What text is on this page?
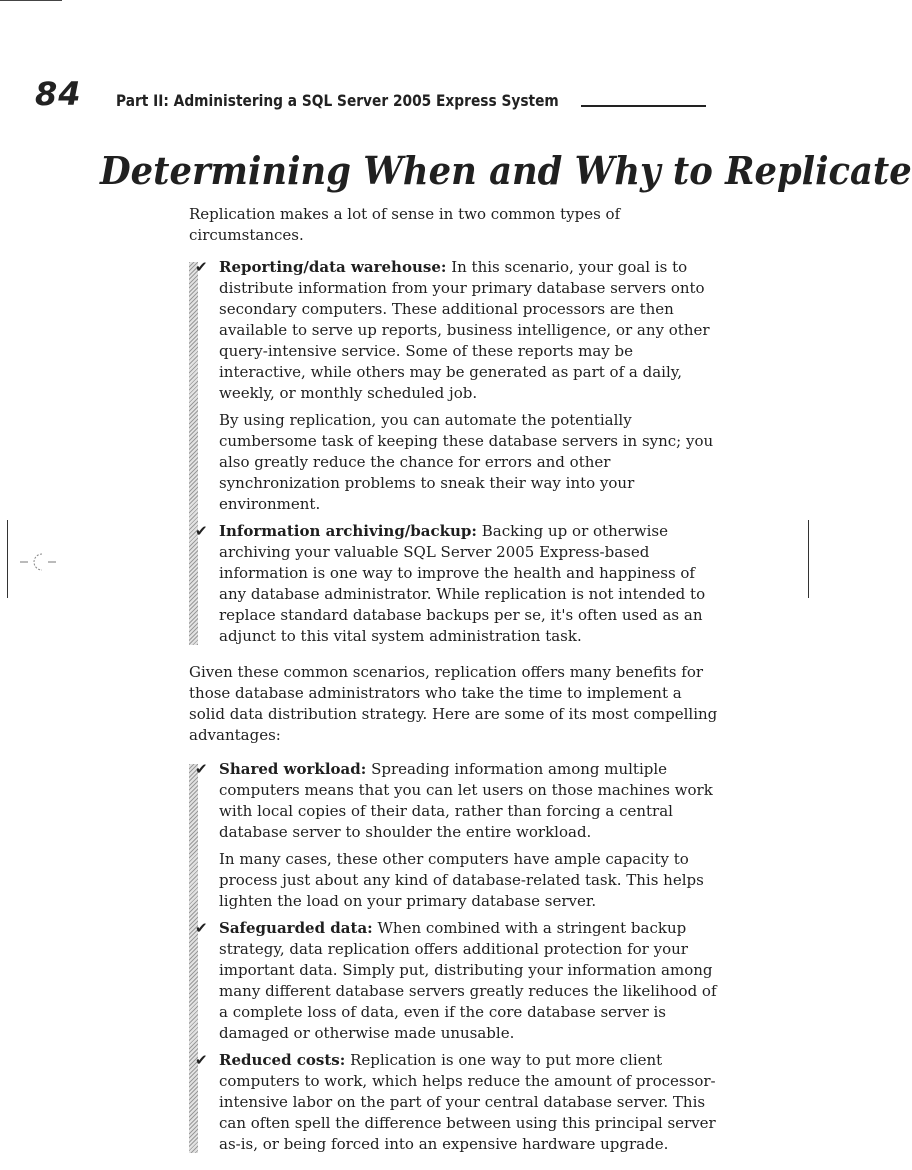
84 Part II: Administering a SQL Server 2005 Express System
Determining When and Why to Replicate

Replication makes a lot of sense in two common types of circumstances.

✔ Reporting/data warehouse: In this scenario, your goal is to distribute information from your primary database servers onto secondary computers. These additional processors are then available to serve up reports, business intelligence, or any other query-intensive service. Some of these reports may be interactive, while others may be generated as part of a daily, weekly, or monthly scheduled job.

By using replication, you can automate the potentially cumbersome task of keeping these database servers in sync; you also greatly reduce the chance for errors and other synchronization problems to sneak their way into your environment.

✔ Information archiving/backup: Backing up or otherwise archiving your valuable SQL Server 2005 Express-based information is one way to improve the health and happiness of any database administrator. While replication is not intended to replace standard database backups per se, it's often used as an adjunct to this vital system administration task.

Given these common scenarios, replication offers many benefits for those database administrators who take the time to implement a solid data distribution strategy. Here are some of its most compelling advantages:

✔ Shared workload: Spreading information among multiple computers means that you can let users on those machines work with local copies of their data, rather than forcing a central database server to shoulder the entire workload.

In many cases, these other computers have ample capacity to process just about any kind of database-related task. This helps lighten the load on your primary database server.

✔ Safeguarded data: When combined with a stringent backup strategy, data replication offers additional protection for your important data. Simply put, distributing your information among many different database servers greatly reduces the likelihood of a complete loss of data, even if the core database server is damaged or otherwise made unusable.

✔ Reduced costs: Replication is one way to put more client computers to work, which helps reduce the amount of processor-intensive labor on the part of your central database server. This can often spell the difference between using this principal server as-is, or being forced into an expensive hardware upgrade.
